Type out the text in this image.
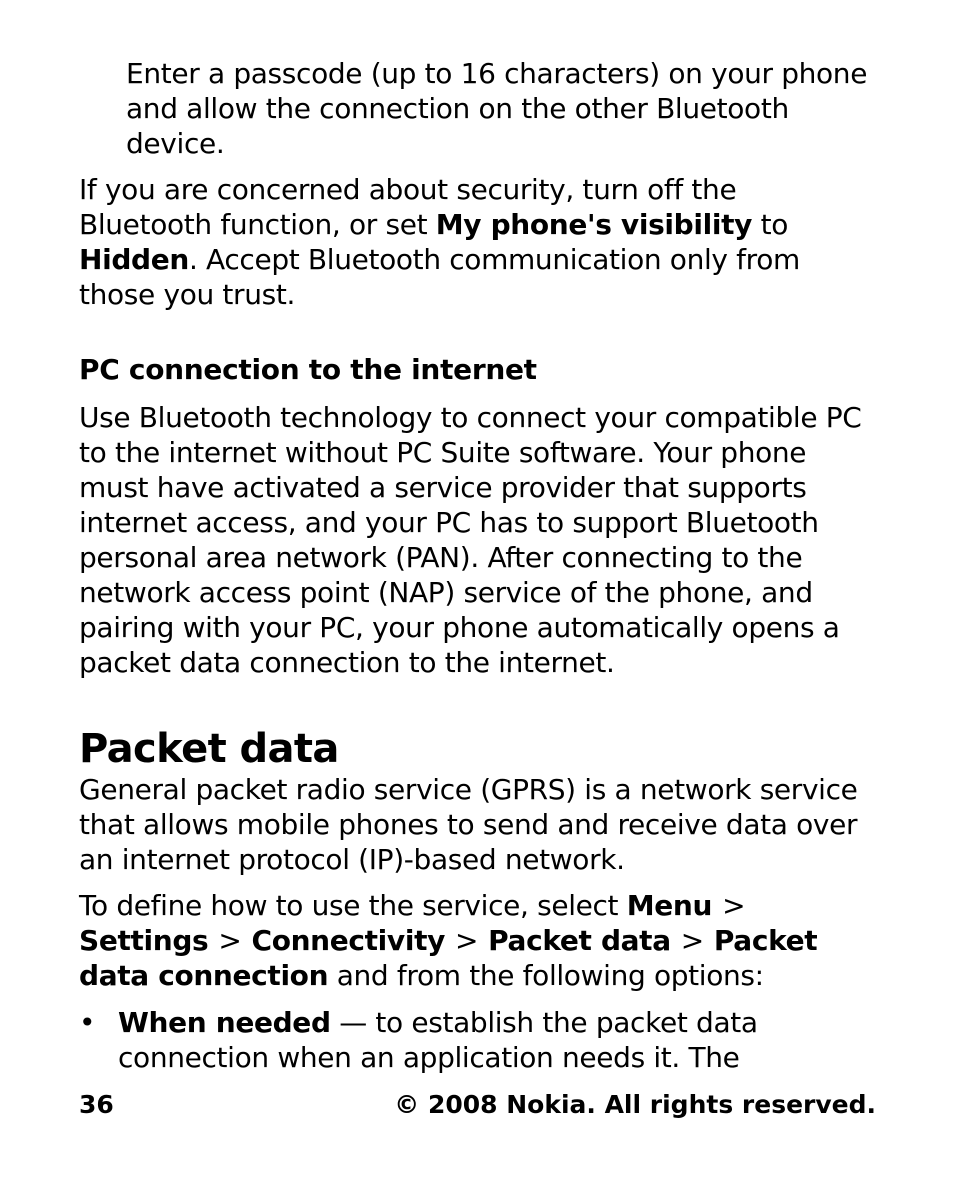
Enter a passcode (up to 16 characters) on your phone and allow the connection on the other Bluetooth device.

If you are concerned about security, turn off the Bluetooth function, or set My phone's visibility to Hidden. Accept Bluetooth communication only from those you trust.

PC connection to the internet

Use Bluetooth technology to connect your compatible PC to the internet without PC Suite software. Your phone must have activated a service provider that supports internet access, and your PC has to support Bluetooth personal area network (PAN). After connecting to the network access point (NAP) service of the phone, and pairing with your PC, your phone automatically opens a packet data connection to the internet.

Packet data

General packet radio service (GPRS) is a network service that allows mobile phones to send and receive data over an internet protocol (IP)-based network.

To define how to use the service, select Menu >
Settings > Connectivity > Packet data > Packet data connection and from the following options:

• When needed — to establish the packet data connection when an application needs it. The
36	© 2008 Nokia. All rights reserved.
